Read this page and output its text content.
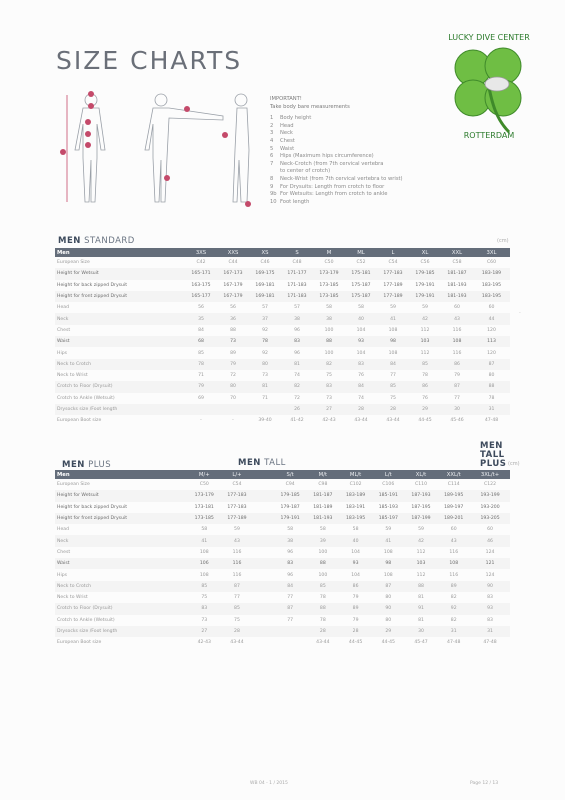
SIZE CHARTS
LUCKY DIVE CENTER
ROTTERDAM
IMPORTANT!
Take body bare measurements
1 Body height
2 Head
3 Neck
4 Chest
5 Waist
6 Hips (Maximum hips circumference)
7 Neck-Crotch (from 7th cervical vertebra
to center of crotch)
8 Neck-Wrist (from 7th cervical vertebra to wrist)
9 For Drysuits: Length from crotch to floor
9b For Wetsuits: Length from crotch to ankle
10 Foot length
MEN STANDARD	(cm)
Men	3XS	XXS	XS	S	M	ML	L	XL	XXL	3XL
European Size	C42	C44	C46	C48	C50	C52	C54	C56	C58	C60
Height for Wetsuit	165-171	167-173	169-175	171-177	173-179	175-181	177-183	179-185	181-187	183-189
Height for back zipped Drysuit	163-175	167-179	169-181	171-183	173-185	175-187	177-189	179-191	181-193	183-195
Height for front zipped Drysuit	165-177	167-179	169-181	171-183	173-185	175-187	177-189	179-191	181-193	183-195
Head	56	56	57	57	58	58	59	59	60	60
Neck	35	36	37	38	38	40	41	42	43	44
Chest	84	88	92	96	100	104	108	112	116	120
Waist	68	73	78	83	88	93	98	103	108	113
Hips	85	89	92	96	100	104	108	112	116	120
Neck to Crotch	78	79	80	81	82	83	84	85	86	87
Neck to Wrist	71	72	73	74	75	76	77	78	79	80
Crotch to Floor (Drysuit)	79	80	81	82	83	84	85	86	87	88
Crotch to Ankle (Wetsuit)	69	70	71	72	73	74	75	76	77	78
Drysocks size /Foot length				26	27	28	28	29	30	31
European Boot size	-	-	39-40	41-42	42-43	43-44	43-44	44-45	45-46	47-48
·
MEN PLUS	MEN TALL
MEN TALL PLUS (cm)
Men	M/+	L/+		S/t	M/t	ML/t	L/t	XL/t	XXL/t	3XL/t+
European Size	C50	C54		C94	C98	C102	C106	C110	C114	C122
Height for Wetsuit	173-179	177-183		179-185	181-187	183-189	185-191	187-193	189-195	193-199
Height for back zipped Drysuit	173-181	177-183		179-187	181-189	183-191	185-193	187-195	189-197	193-200
Height for front zipped Drysuit	173-185	177-189		179-191	181-193	183-195	185-197	187-199	189-201	193-205
Head	58	59		58	58	58	59	59	60	60
Neck	41	43		38	39	40	41	42	43	46
Chest	108	116		96	100	104	108	112	116	124
Waist	106	116		83	88	93	98	103	108	121
Hips	108	116		96	100	104	108	112	116	124
Neck to Crotch	85	87		84	85	86	87	88	89	90
Neck to Wrist	75	77		77	78	79	80	81	82	83
Crotch to Floor (Drysuit)	83	85		87	88	89	90	91	92	93
Crotch to Ankle (Wetsuit)	73	75		77	78	79	80	81	82	83
Drysocks size /Foot length	27	28			28	28	29	30	31	31
European Boot size	42-43	43-44			43-44	44-45	44-45	45-47	47-48	47-48
WB 04 - 1 / 2015	Page 12 / 13
